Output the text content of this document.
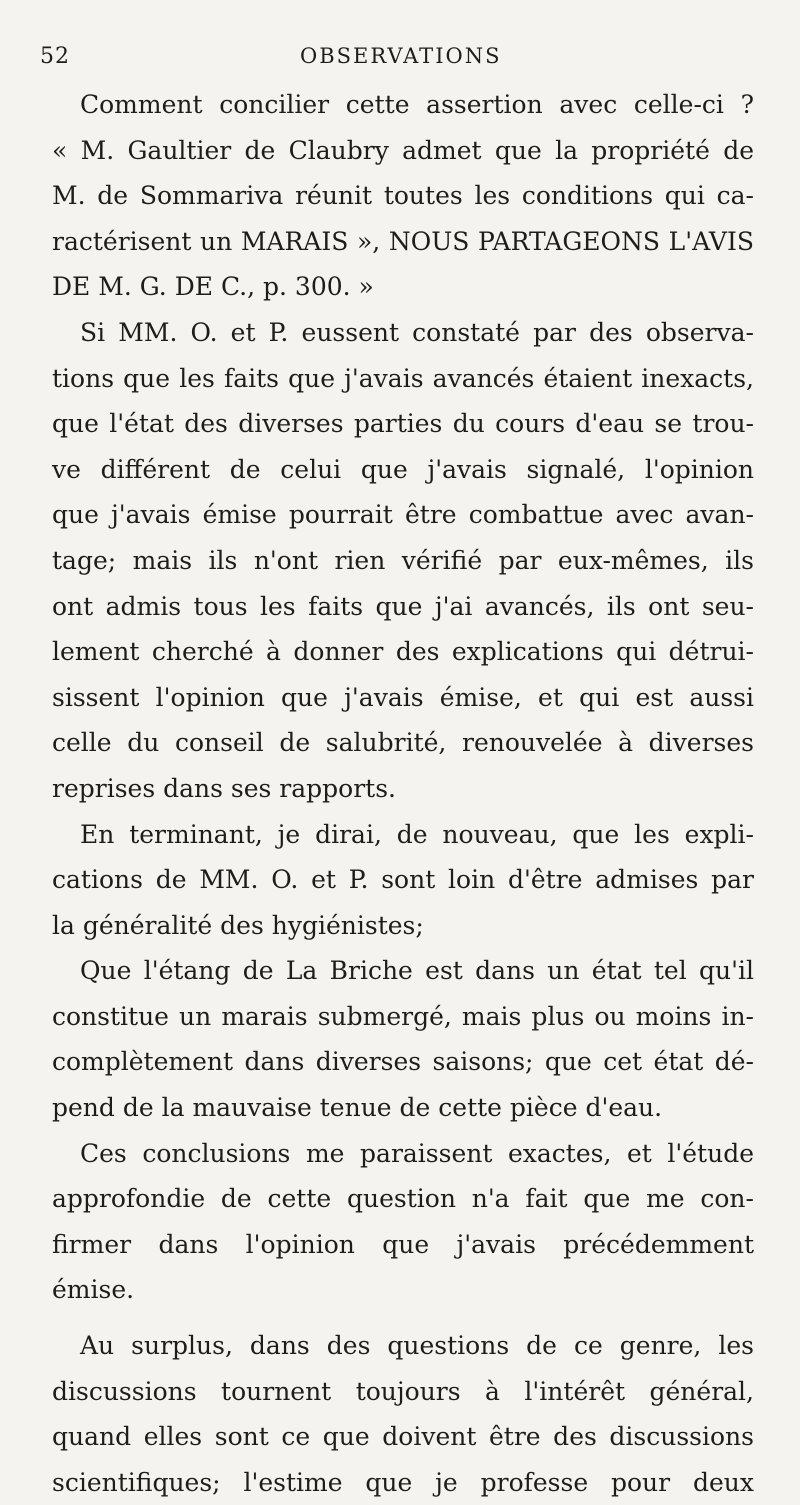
52	OBSERVATIONS
Comment concilier cette assertion avec celle-ci ?
« M. Gaultier de Claubry admet que la propriété de
M. de Sommariva réunit toutes les conditions qui ca-
ractérisent un MARAIS », NOUS PARTAGEONS L'AVIS
DE M. G. DE C., p. 300. »
Si MM. O. et P. eussent constaté par des observa-
tions que les faits que j'avais avancés étaient inexacts,
que l'état des diverses parties du cours d'eau se trou-
ve différent de celui que j'avais signalé, l'opinion
que j'avais émise pourrait être combattue avec avan-
tage; mais ils n'ont rien vérifié par eux-mêmes, ils
ont admis tous les faits que j'ai avancés, ils ont seu-
lement cherché à donner des explications qui détrui-
sissent l'opinion que j'avais émise, et qui est aussi
celle du conseil de salubrité, renouvelée à diverses
reprises dans ses rapports.
En terminant, je dirai, de nouveau, que les expli-
cations de MM. O. et P. sont loin d'être admises par
la généralité des hygiénistes;
Que l'étang de La Briche est dans un état tel qu'il
constitue un marais submergé, mais plus ou moins in-
complètement dans diverses saisons; que cet état dé-
pend de la mauvaise tenue de cette pièce d'eau.
Ces conclusions me paraissent exactes, et l'étude
approfondie de cette question n'a fait que me con-
firmer dans l'opinion que j'avais précédemment
émise.
Au surplus, dans des questions de ce genre, les
discussions tournent toujours à l'intérêt général,
quand elles sont ce que doivent être des discussions
scientifiques; l'estime que je professe pour deux
